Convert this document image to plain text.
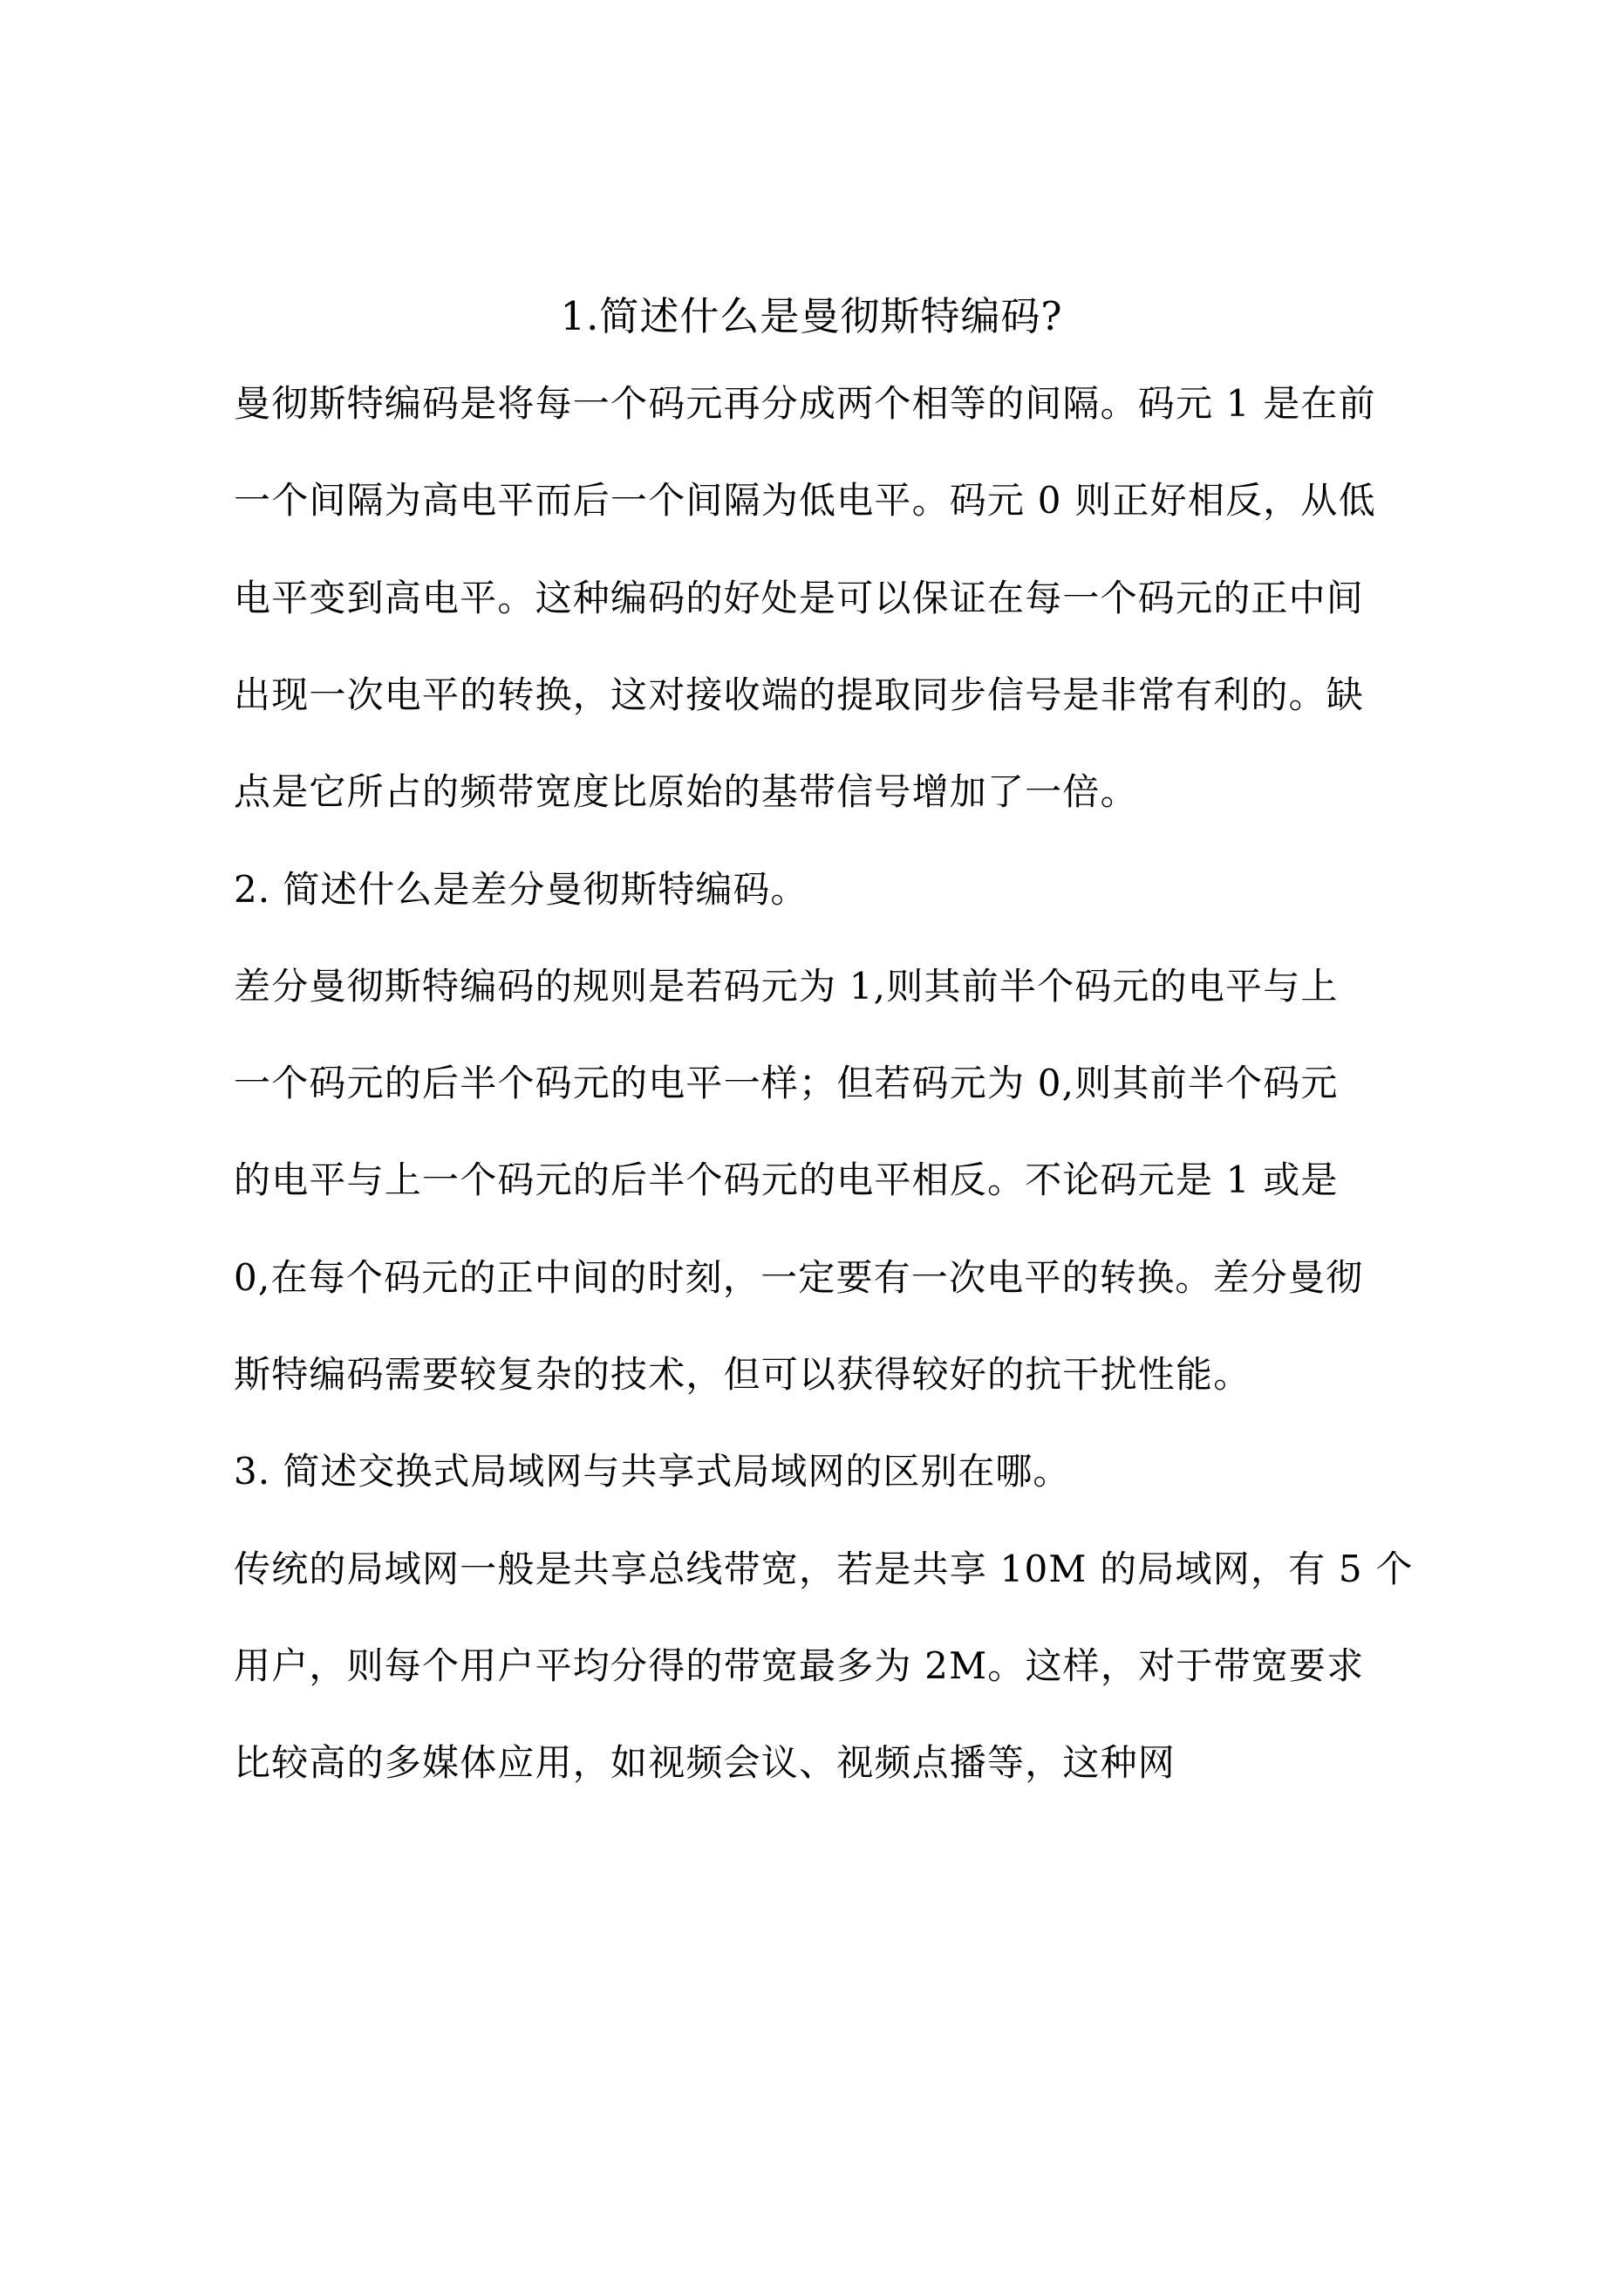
1.简述什么是曼彻斯特编码?
曼彻斯特编码是将每一个码元再分成两个相等的间隔。码元 1 是在前
一个间隔为高电平而后一个间隔为低电平。码元 0 则正好相反，从低
电平变到高电平。这种编码的好处是可以保证在每一个码元的正中间
出现一次电平的转换，这对接收端的提取同步信号是非常有利的。缺
点是它所占的频带宽度比原始的基带信号增加了一倍。
2. 简述什么是差分曼彻斯特编码。
差分曼彻斯特编码的规则是若码元为 1,则其前半个码元的电平与上
一个码元的后半个码元的电平一样；但若码元为 0,则其前半个码元
的电平与上一个码元的后半个码元的电平相反。不论码元是 1 或是
0,在每个码元的正中间的时刻，一定要有一次电平的转换。差分曼彻
斯特编码需要较复杂的技术，但可以获得较好的抗干扰性能。
3. 简述交换式局域网与共享式局域网的区别在哪。
传统的局域网一般是共享总线带宽，若是共享 10M 的局域网，有 5 个
用户，则每个用户平均分得的带宽最多为 2M。这样，对于带宽要求
比较高的多媒体应用，如视频会议、视频点播等，这种网
